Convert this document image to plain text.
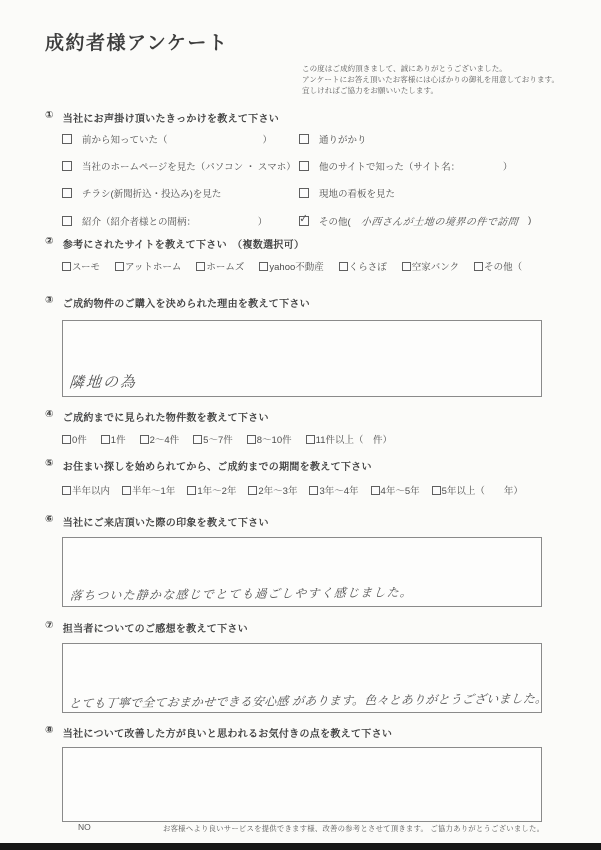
成約者様アンケート
この度はご成約頂きまして、誠にありがとうございました。
アンケートにお答え頂いたお客様には心ばかりの御礼を用意しております。
宜しければご協力をお願いいたします。
① 当社にお声掛け頂いたきっかけを教えて下さい
前から知っていた（　　　　　　　　　　）	通りがかり
当社のホームページを見た（パソコン ・ スマホ） 他のサイトで知った（サイト名：　　　　　）
チラシ(新聞折込・投込み)を見た	現地の看板を見た
紹介（紹介者様との間柄：　　　　　　　）	✓ その他( 小西さんが土地の境界の件で訪問 )
② 参考にされたサイトを教えて下さい　（複数選択可）
スーモ	アットホーム	ホームズ	yahoo不動産	くらさぽ	空家バンク	その他（
③ ご成約物件のご購入を決められた理由を教えて下さい
隣地の為
④ ご成約までに見られた物件数を教えて下さい
0件	1件	2～4件	5～7件	8～10件	11件以上（　件）
⑤ お住まい探しを始められてから、ご成約までの期間を教えて下さい
半年以内 半年～1年 1年～2年 2年～3年 3年～4年 4年～5年 5年以上（　　年）
⑥ 当社にご来店頂いた際の印象を教えて下さい
落ちついた静かな感じでとても過ごしやすく感じました。
⑦ 担当者についてのご感想を教えて下さい
とても丁寧で全ておまかせできる安心感 があります。色々とありがとうございました。
⑧ 当社について改善した方が良いと思われるお気付きの点を教えて下さい
NO	お客様へより良いサービスを提供できます様、改善の参考とさせて頂きます。 ご協力ありがとうございました。
